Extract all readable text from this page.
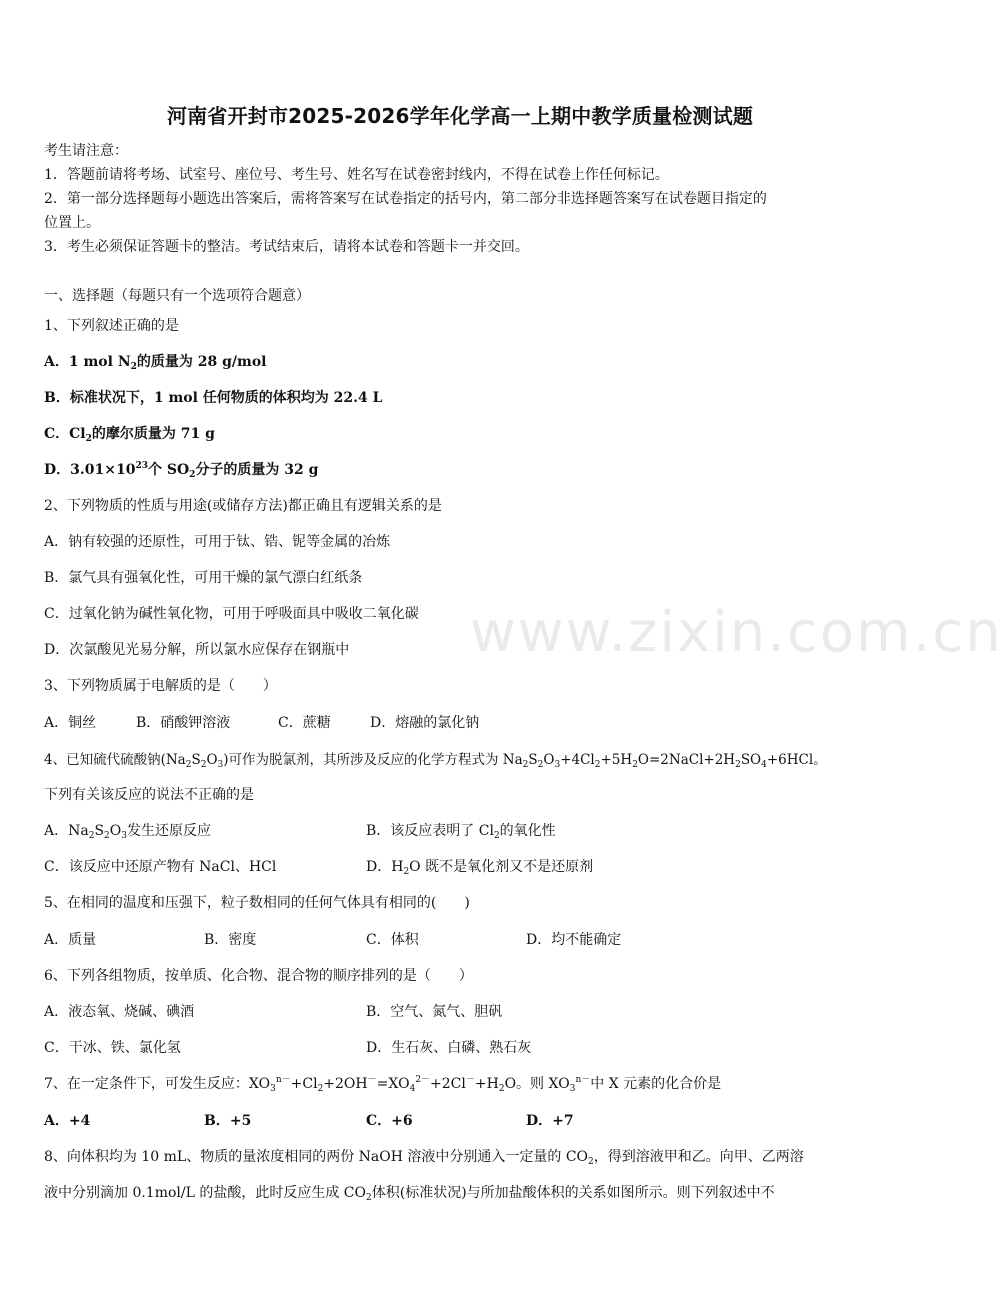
河南省开封市2025-2026学年化学高一上期中教学质量检测试题
考生请注意：
1．答题前请将考场、试室号、座位号、考生号、姓名写在试卷密封线内，不得在试卷上作任何标记。
2．第一部分选择题每小题选出答案后，需将答案写在试卷指定的括号内，第二部分非选择题答案写在试卷题目指定的
位置上。
3．考生必须保证答题卡的整洁。考试结束后，请将本试卷和答题卡一并交回。
一、选择题（每题只有一个选项符合题意）
1、下列叙述正确的是
A．1 mol $N_2$的质量为 28 g/mol
B．标准状况下，1 mol 任何物质的体积均为 22.4 L
C．$Cl_2$的摩尔质量为 71 g
D．$3.01\times 10^{23}$个 $SO_2$分子的质量为 32 g
2、下列物质的性质与用途(或储存方法)都正确且有逻辑关系的是
A．钠有较强的还原性，可用于钛、锆、铌等金属的冶炼
B．氯气具有强氧化性，可用干燥的氯气漂白红纸条
C．过氧化钠为碱性氧化物，可用于呼吸面具中吸收二氧化碳
D．次氯酸见光易分解，所以氯水应保存在钢瓶中 www.zixin.com.cn
3、下列物质属于电解质的是（　　）
A．铜丝	B．硝酸钾溶液	C．蔗糖	D．熔融的氯化钠
4、已知硫代硫酸钠$(Na_2S_2O_3)$可作为脱氯剂，其所涉及反应的化学方程式为 $Na_2S_2O_3+4Cl_2+5H_2O=2NaCl+2H_2SO_4+6HCl$。
下列有关该反应的说法不正确的是
A．$Na_2S_2O_3$发生还原反应	B．该反应表明了 $Cl_2$的氧化性
C．该反应中还原产物有 NaCl、HCl	D．$H_2O$ 既不是氧化剂又不是还原剂
5、在相同的温度和压强下，粒子数相同的任何气体具有相同的(　　)
A．质量	B．密度	C．体积	D．均不能确定
6、下列各组物质，按单质、化合物、混合物的顺序排列的是（　　）
A．液态氧、烧碱、碘酒	B．空气、氮气、胆矾
C．干冰、铁、氯化氢	D．生石灰、白磷、熟石灰
7、在一定条件下，可发生反应：$XO_3^{n-}+Cl_2+2OH^-=XO_4^{2-}+2Cl^-+H_2O$。则 $XO_3^{n-}$中 X 元素的化合价是
A．+4	B．+5	C．+6	D．+7
8、向体积均为 10 mL、物质的量浓度相同的两份 NaOH 溶液中分别通入一定量的 $CO_2$，得到溶液甲和乙。向甲、乙两溶
液中分别滴加 0.1mol/L 的盐酸，此时反应生成 $CO_2$体积(标准状况)与所加盐酸体积的关系如图所示。则下列叙述中不
